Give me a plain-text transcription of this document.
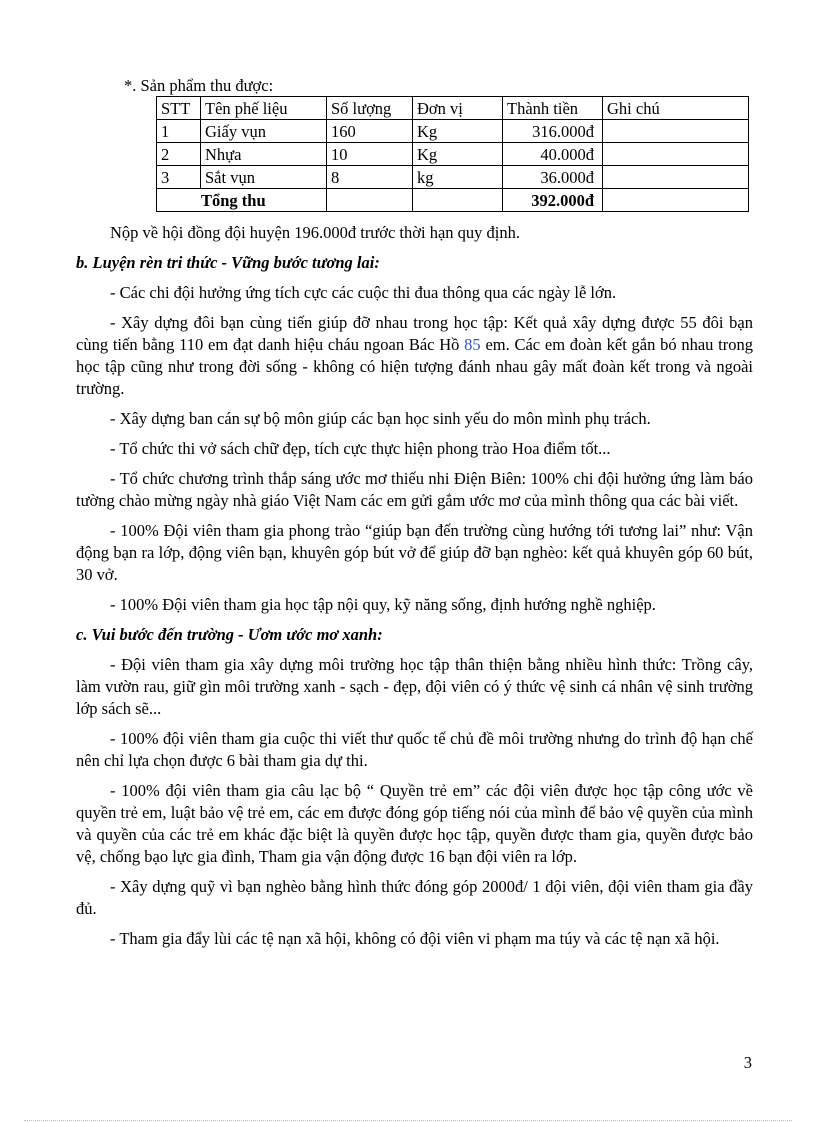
*. Sản phẩm thu được:
STT	Tên phế liệu	Số lượng	Đơn vị	Thành tiền	Ghi chú
1	Giấy vụn	160	Kg	316.000đ	
2	Nhựa	10	Kg	40.000đ	
3	Sắt vụn	8	kg	36.000đ	
Tổng thu				392.000đ	

Nộp về hội đồng đội huyện 196.000đ trước thời hạn quy định.

b. Luyện rèn tri thức - Vững bước tương lai:

- Các chi đội hưởng ứng tích cực các cuộc thi đua thông qua các ngày lễ lớn.

- Xây dựng đôi bạn cùng tiến giúp đỡ nhau trong học tập: Kết quả xây dựng được 55 đôi bạn cùng tiến bằng 110 em đạt danh hiệu cháu ngoan Bác Hồ 85 em. Các em đoàn kết gắn bó nhau trong học tập cũng như trong đời sống - không có hiện tượng đánh nhau gây mất đoàn kết trong và ngoài trường.

- Xây dựng ban cán sự bộ môn giúp các bạn học sinh yếu do môn mình phụ trách.

- Tổ chức thi vở sách chữ đẹp, tích cực thực hiện phong trào Hoa điểm tốt...

- Tổ chức chương trình thắp sáng ước mơ thiếu nhi Điện Biên: 100% chi đội hưởng ứng làm báo tường chào mừng ngày nhà giáo Việt Nam các em gửi gắm ước mơ của mình thông qua các bài viết.

- 100% Đội viên tham gia phong trào “giúp bạn đến trường cùng hướng tới tương lai” như: Vận động bạn ra lớp, động viên bạn, khuyên góp bút vở để giúp đỡ bạn nghèo: kết quả khuyên góp 60 bút, 30 vở.

- 100% Đội viên tham gia học tập nội quy, kỹ năng sống, định hướng nghề nghiệp.

c. Vui bước đến trường - Ươm ước mơ xanh:

- Đội viên tham gia xây dựng môi trường học tập thân thiện bằng nhiều hình thức: Trồng cây, làm vườn rau, giữ gìn môi trường xanh - sạch - đẹp, đội viên có ý thức vệ sinh cá nhân vệ sinh trường lớp sách sẽ...

- 100% đội viên tham gia cuộc thi viết thư quốc tế chủ đề môi trường nhưng do trình độ hạn chế nên chỉ lựa chọn được 6 bài tham gia dự thi.

- 100% đội viên tham gia câu lạc bộ “ Quyền trẻ em” các đội viên được học tập công ước về quyền trẻ em, luật bảo vệ trẻ em, các em được đóng góp tiếng nói của mình để bảo vệ quyền của mình và quyền của các trẻ em khác đặc biệt là quyền được học tập, quyền được tham gia, quyền được bảo vệ, chống bạo lực gia đình, Tham gia vận động được 16 bạn đội viên ra lớp.

- Xây dựng quỹ vì bạn nghèo bằng hình thức đóng góp 2000đ/ 1 đội viên, đội viên tham gia đầy đủ.

- Tham gia đẩy lùi các tệ nạn xã hội, không có đội viên vi phạm ma túy và các tệ nạn xã hội.

3
